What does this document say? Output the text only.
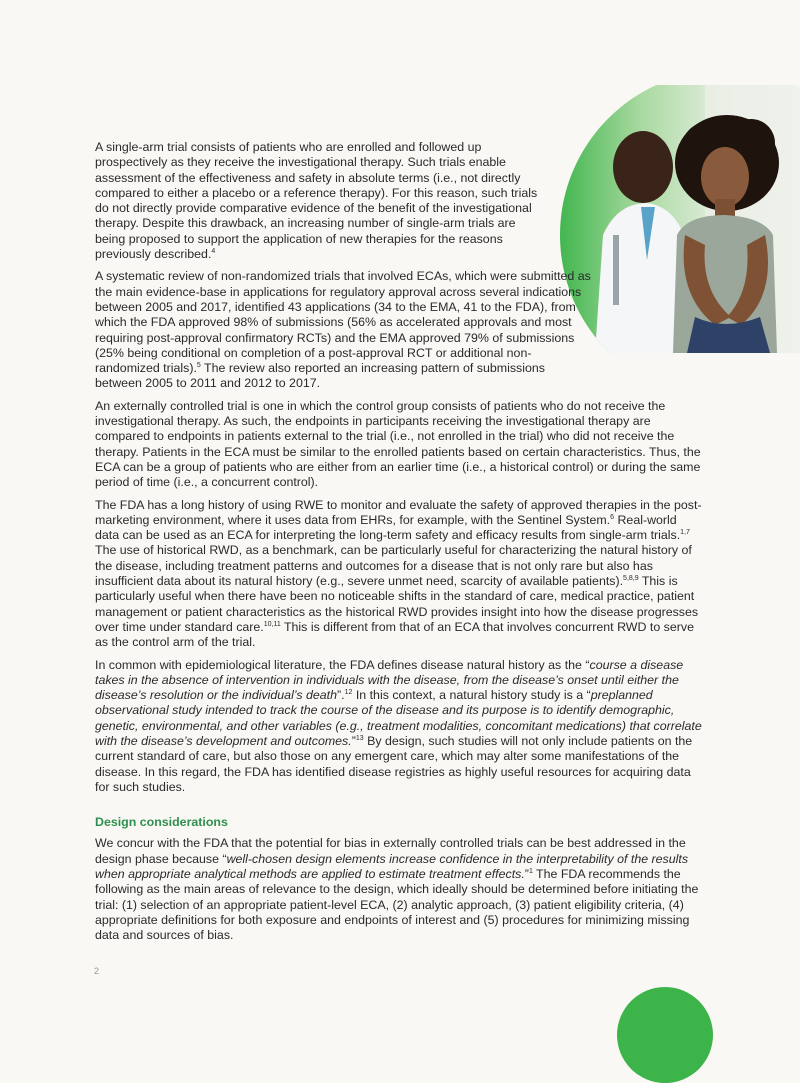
A single-arm trial consists of patients who are enrolled and followed up prospectively as they receive the investigational therapy. Such trials enable assessment of the effectiveness and safety in absolute terms (i.e., not directly compared to either a placebo or a reference therapy). For this reason, such trials do not directly provide comparative evidence of the benefit of the investigational therapy. Despite this drawback, an increasing number of single-arm trials are being proposed to support the application of new therapies for the reasons previously described.$^4$

A systematic review of non-randomized trials that involved ECAs, which were submitted as the main evidence-base in applications for regulatory approval across several indications between 2005 and 2017, identified 43 applications (34 to the EMA, 41 to the FDA), from which the FDA approved 98% of submissions (56% as accelerated approvals and most requiring post-approval confirmatory RCTs) and the EMA approved 79% of submissions (25% being conditional on completion of a post-approval RCT or additional non-randomized trials).$^5$ The review also reported an increasing pattern of submissions between 2005 to 2011 and 2012 to 2017.

An externally controlled trial is one in which the control group consists of patients who do not receive the investigational therapy. As such, the endpoints in participants receiving the investigational therapy are compared to endpoints in patients external to the trial (i.e., not enrolled in the trial) who did not receive the therapy. Patients in the ECA must be similar to the enrolled patients based on certain characteristics. Thus, the ECA can be a group of patients who are either from an earlier time (i.e., a historical control) or during the same period of time (i.e., a concurrent control).

The FDA has a long history of using RWE to monitor and evaluate the safety of approved therapies in the post-marketing environment, where it uses data from EHRs, for example, with the Sentinel System.$^6$ Real-world data can be used as an ECA for interpreting the long-term safety and efficacy results from single-arm trials.$^{1,7}$ The use of historical RWD, as a benchmark, can be particularly useful for characterizing the natural history of the disease, including treatment patterns and outcomes for a disease that is not only rare but also has insufficient data about its natural history (e.g., severe unmet need, scarcity of available patients).$^{5,8,9}$ This is particularly useful when there have been no noticeable shifts in the standard of care, medical practice, patient management or patient characteristics as the historical RWD provides insight into how the disease progresses over time under standard care.$^{10,11}$ This is different from that of an ECA that involves concurrent RWD to serve as the control arm of the trial.

In common with epidemiological literature, the FDA defines disease natural history as the “course a disease takes in the absence of intervention in individuals with the disease, from the disease’s onset until either the disease’s resolution or the individual’s death”.$^{12}$ In this context, a natural history study is a “preplanned observational study intended to track the course of the disease and its purpose is to identify demographic, genetic, environmental, and other variables (e.g., treatment modalities, concomitant medications) that correlate with the disease’s development and outcomes.”$^{13}$ By design, such studies will not only include patients on the current standard of care, but also those on any emergent care, which may alter some manifestations of the disease. In this regard, the FDA has identified disease registries as highly useful resources for acquiring data for such studies.

Design considerations

We concur with the FDA that the potential for bias in externally controlled trials can be best addressed in the design phase because “well-chosen design elements increase confidence in the interpretability of the results when appropriate analytical methods are applied to estimate treatment effects.”$^1$ The FDA recommends the following as the main areas of relevance to the design, which ideally should be determined before initiating the trial: (1) selection of an appropriate patient-level ECA, (2) analytic approach, (3) patient eligibility criteria, (4) appropriate definitions for both exposure and endpoints of interest and (5) procedures for minimizing missing data and sources of bias.

2
